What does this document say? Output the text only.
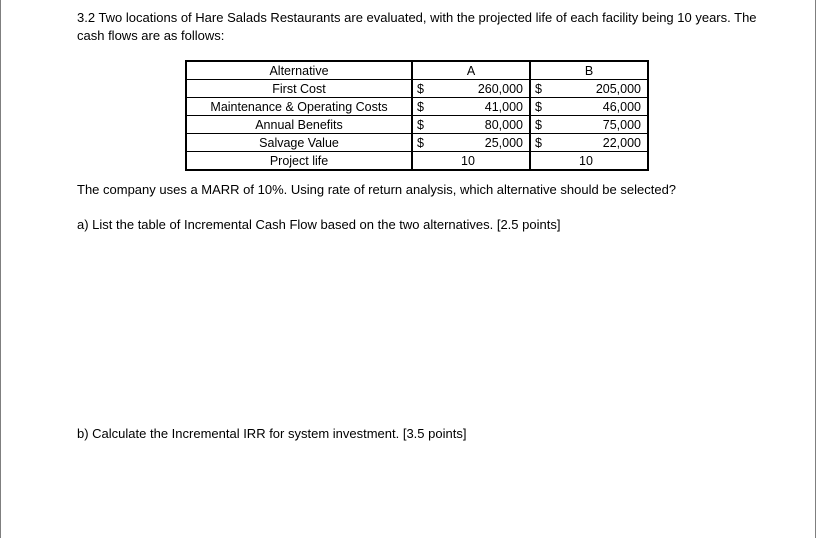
3.2 Two locations of Hare Salads Restaurants are evaluated, with the projected life of each facility being 10 years. The cash flows are as follows:
Alternative	A		B	
First Cost	$	260,000	$	205,000
Maintenance & Operating Costs	$	41,000	$	46,000
Annual Benefits	$	80,000	$	75,000
Salvage Value	$	25,000	$	22,000
Project life	10		10	
The company uses a MARR of 10%. Using rate of return analysis, which alternative should be selected?
a) List the table of Incremental Cash Flow based on the two alternatives. [2.5 points]
b) Calculate the Incremental IRR for system investment. [3.5 points]
